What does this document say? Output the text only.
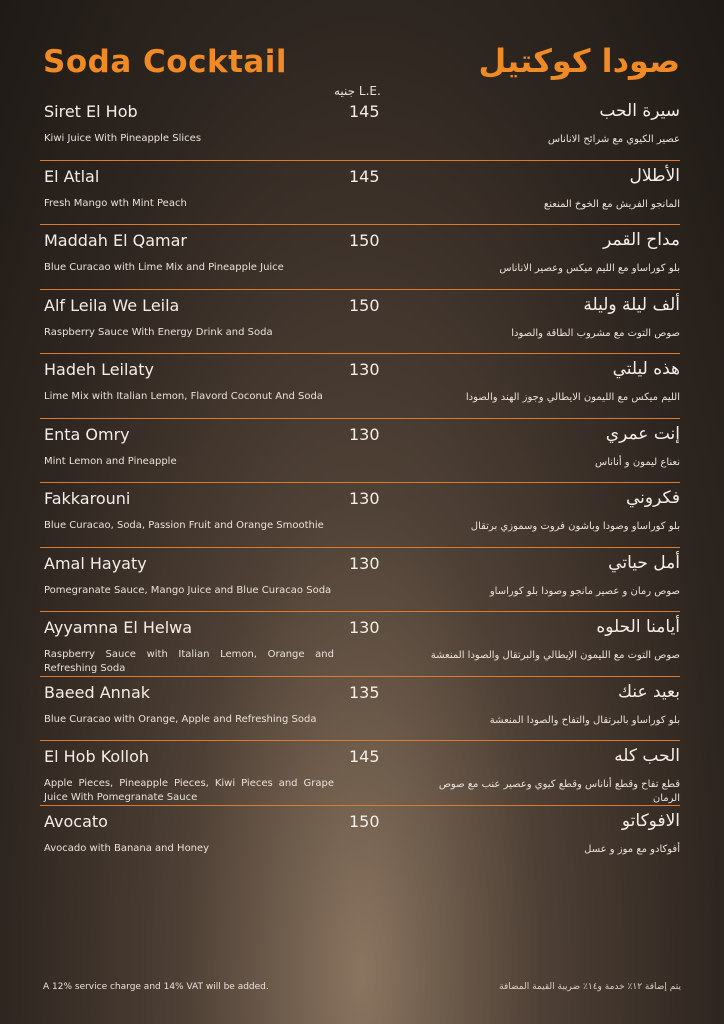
Soda Cocktail	صودا كوكتيل
جنيه L.E.
Siret El Hob	145
Kiwi Juice With Pineapple Slices
سيرة الحب
عصير الكيوي مع شرائح الاناناس
El Atlal	145
Fresh Mango wth Mint Peach
الأطلال
المانجو الفريش مع الخوخ المنعنع
Maddah El Qamar	150
Blue Curacao with Lime Mix and Pineapple Juice
مداح القمر
بلو كوراساو مع الليم ميكس وعصير الاناناس
Alf Leila We Leila	150
Raspberry Sauce With Energy Drink and Soda
ألف ليلة وليلة
صوص التوت مع مشروب الطاقة والصودا
Hadeh Leilaty	130
Lime Mix with Italian Lemon, Flavord Coconut And Soda
هذه ليلتي
الليم ميكس مع الليمون الايطالي وجوز الهند والصودا
Enta Omry	130
Mint Lemon and Pineapple
إنت عمري
نعناع ليمون و أناناس
Fakkarouni	130
Blue Curacao, Soda, Passion Fruit and Orange Smoothie
فكروني
بلو كوراساو وصودا وباشون فروت وسموزي برتقال
Amal Hayaty	130
Pomegranate Sauce, Mango Juice and Blue Curacao Soda
أمل حياتي
صوص رمان و عصير مانجو وصودا بلو كوراساو
Ayyamna El Helwa	130
Raspberry Sauce with Italian Lemon, Orange and Refreshing Soda
أيامنا الحلوه
صوص التوت مع الليمون الإيطالي والبرتقال والصودا المنعشة
Baeed Annak	135
Blue Curacao with Orange, Apple and Refreshing Soda
بعيد عنك
بلو كوراساو بالبرتقال والتفاح والصودا المنعشة
El Hob Kolloh	145
Apple Pieces, Pineapple Pieces, Kiwi Pieces and Grape Juice With Pomegranate Sauce
الحب كله
قطع تفاح وقطع أناناس وقطع كيوي وعصير عنب مع صوص الرمان
Avocato	150
Avocado with Banana and Honey
الافوكاتو
أفوكادو مع موز و عسل
A 12% service charge and 14% VAT will be added.	يتم إضافة ١٢٪ خدمة و١٤٪ ضريبة القيمة المضافة
